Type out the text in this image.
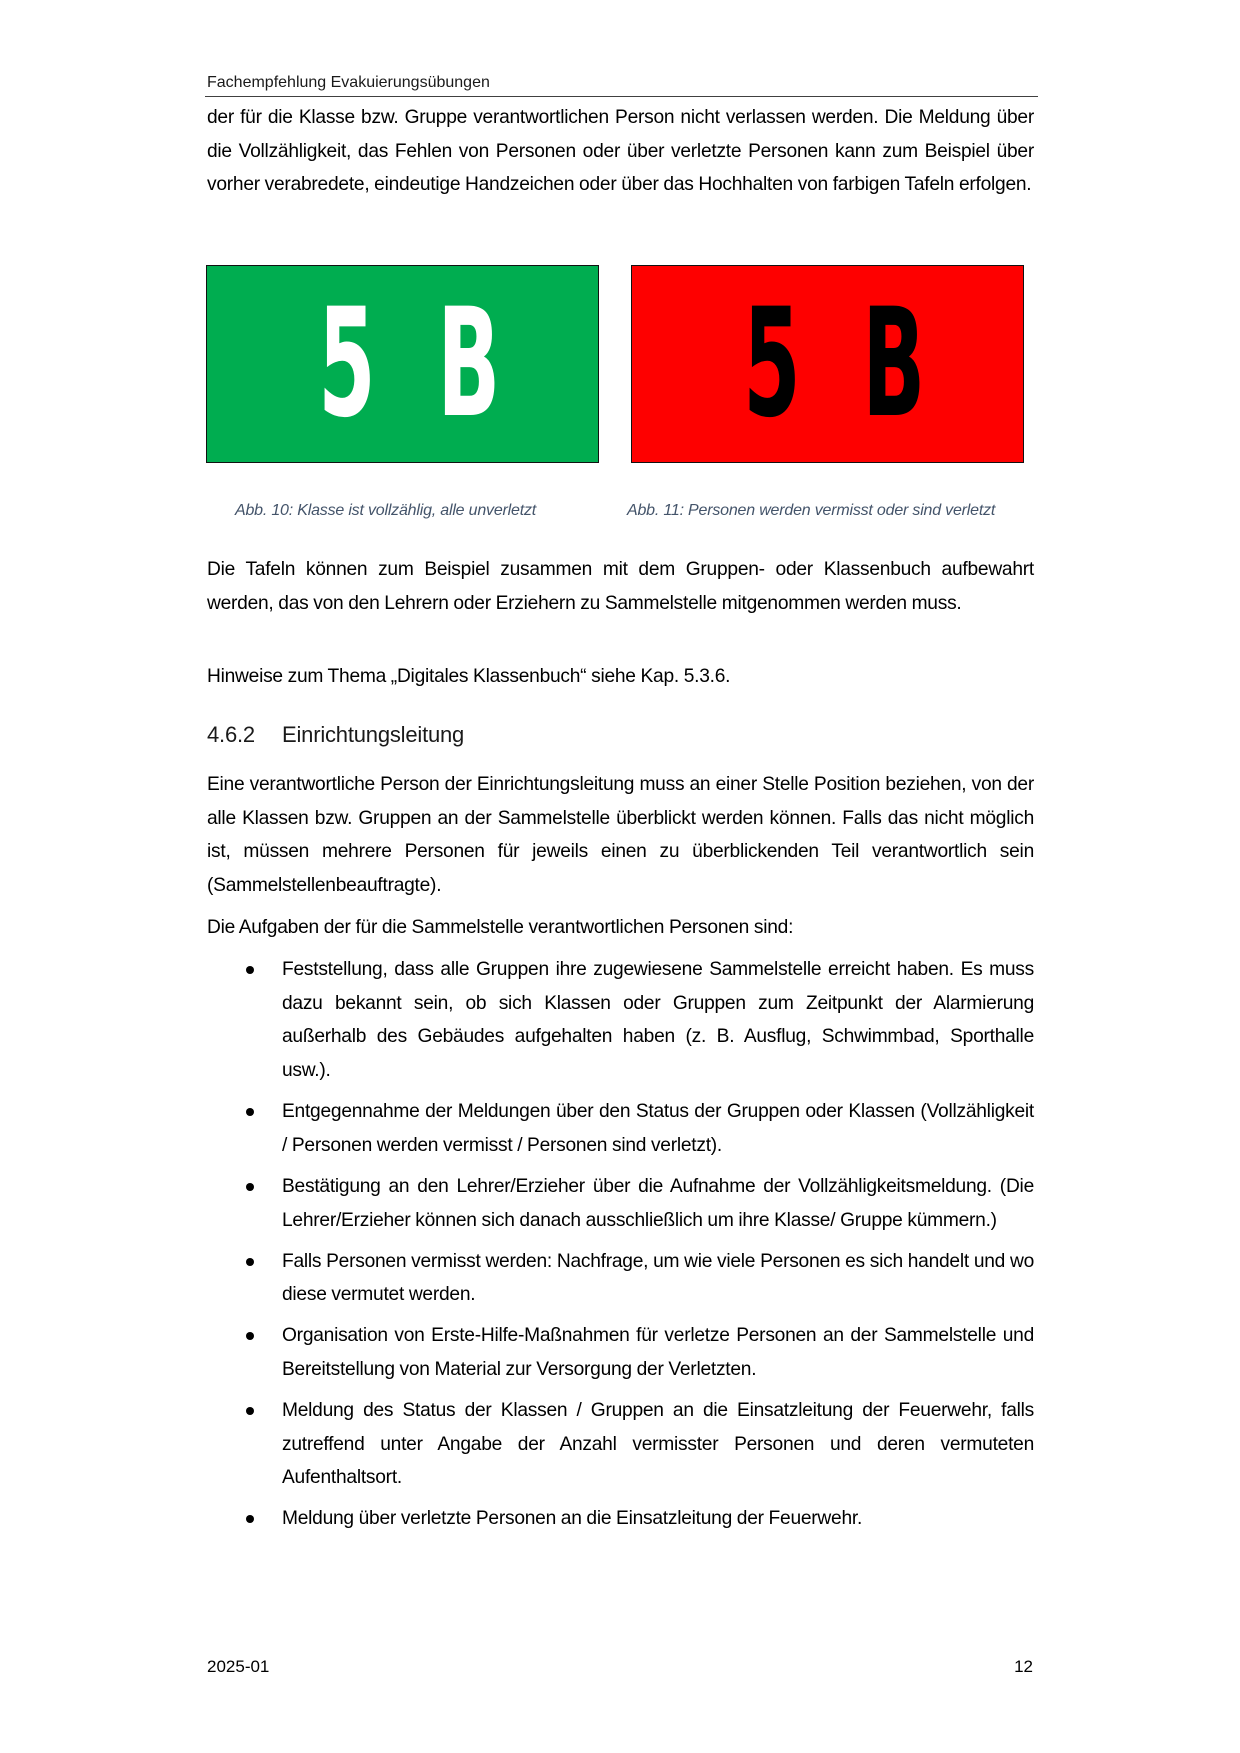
Fachempfehlung Evakuierungsübungen

der für die Klasse bzw. Gruppe verantwortlichen Person nicht verlassen werden. Die Meldung über die Vollzähligkeit, das Fehlen von Personen oder über verletzte Personen kann zum Beispiel über vorher verabredete, eindeutige Handzeichen oder über das Hochhalten von farbigen Tafeln erfolgen.

5 B 5 B
Abb. 10: Klasse ist vollzählig, alle unverletzt	Abb. 11: Personen werden vermisst oder sind verletzt

Die Tafeln können zum Beispiel zusammen mit dem Gruppen- oder Klassenbuch aufbewahrt werden, das von den Lehrern oder Erziehern zu Sammelstelle mitgenommen werden muss.

Hinweise zum Thema „Digitales Klassenbuch“ siehe Kap. 5.3.6.

4.6.2 Einrichtungsleitung

Eine verantwortliche Person der Einrichtungsleitung muss an einer Stelle Position beziehen, von der alle Klassen bzw. Gruppen an der Sammelstelle überblickt werden können. Falls das nicht möglich ist, müssen mehrere Personen für jeweils einen zu überblickenden Teil verantwortlich sein (Sammelstellenbeauftragte).

Die Aufgaben der für die Sammelstelle verantwortlichen Personen sind:

Feststellung, dass alle Gruppen ihre zugewiesene Sammelstelle erreicht haben. Es muss dazu bekannt sein, ob sich Klassen oder Gruppen zum Zeitpunkt der Alarmierung außerhalb des Gebäudes aufgehalten haben (z. B. Ausflug, Schwimmbad, Sporthalle usw.).
Entgegennahme der Meldungen über den Status der Gruppen oder Klassen (Vollzähligkeit / Personen werden vermisst / Personen sind verletzt).
Bestätigung an den Lehrer/Erzieher über die Aufnahme der Vollzähligkeitsmeldung. (Die Lehrer/Erzieher können sich danach ausschließlich um ihre Klasse/ Gruppe kümmern.)
Falls Personen vermisst werden: Nachfrage, um wie viele Personen es sich handelt und wo diese vermutet werden.
Organisation von Erste-Hilfe-Maßnahmen für verletze Personen an der Sammelstelle und Bereitstellung von Material zur Versorgung der Verletzten.
Meldung des Status der Klassen / Gruppen an die Einsatzleitung der Feuerwehr, falls zutreffend unter Angabe der Anzahl vermisster Personen und deren vermuteten Aufenthaltsort.
Meldung über verletzte Personen an die Einsatzleitung der Feuerwehr.
2025-01	12
